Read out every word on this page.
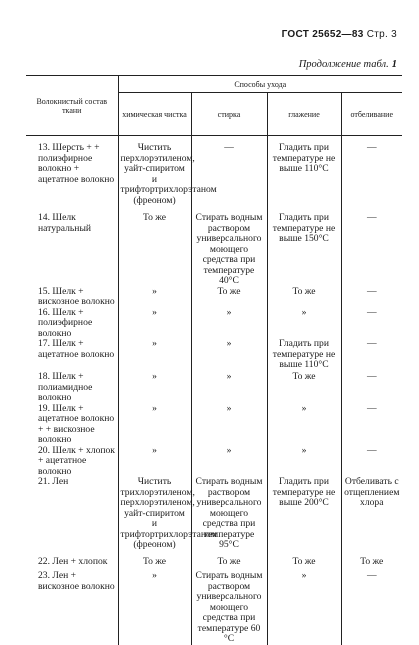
ГОСТ 25652—83 Стр. 3
Продолжение табл. 1
Волокнистый состав ткани	Способы ухода			
	химическая чистка	стирка	глажение	отбеливание

13. Шерсть + + полиэфирное волокно + ацетатное волокно	Чистить перхлорэтиленом, уайт-спиритом и трифтортрихлорэтаном (фреоном)	—	Гладить при температуре не выше 110°С	—
14. Шелк натуральный	То же	Стирать водным раствором универсального моющего средства при температуре 40°С	Гладить при температуре не выше 150°С	—
15. Шелк + вискозное волокно	»	То же	То же	—
16. Шелк + полиэфирное волокно	»	»	»	—
17. Шелк + ацетатное волокно	»	»	Гладить при температуре не выше 110°С	—
18. Шелк + полиамидное волокно	»	»	То же	—
19. Шелк + ацетатное волокно + + вискозное волокно	»	»	»	—
20. Шелк + хлопок + ацетатное волокно	»	»	»	—
21. Лен	Чистить трихлорэтиленом, перхлорэтиленом, уайт-спиритом и трифтортрихлорэтаном (фреоном)	Стирать водным раствором универсального моющего средства при температуре 95°С	Гладить при температуре не выше 200°С	Отбеливать с отщеплением хлора
22. Лен + хлопок	То же	То же	То же	То же
23. Лен + вискозное волокно	»	Стирать водным раствором универсального моющего средства при температуре 60 °С	»	—
